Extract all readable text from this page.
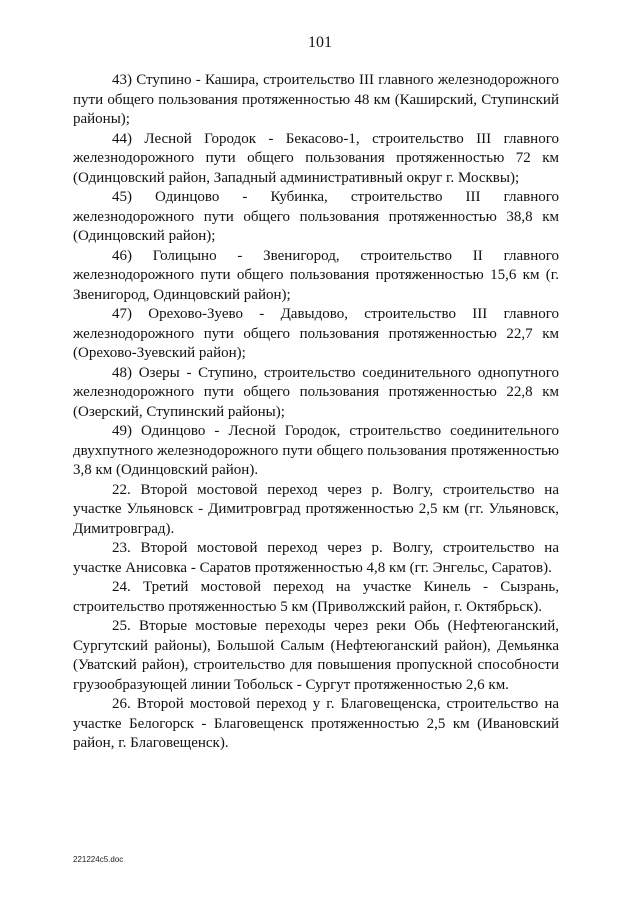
101

43) Ступино - Кашира, строительство III главного железнодорожного пути общего пользования протяженностью 48 км (Каширский, Ступинский районы);

44) Лесной Городок - Бекасово-1, строительство III главного железнодорожного пути общего пользования протяженностью 72 км (Одинцовский район, Западный административный округ г. Москвы);

45) Одинцово - Кубинка, строительство III главного железнодорожного пути общего пользования протяженностью 38,8 км (Одинцовский район);

46) Голицыно - Звенигород, строительство II главного железнодорожного пути общего пользования протяженностью 15,6 км (г. Звенигород, Одинцовский район);

47) Орехово-Зуево - Давыдово, строительство III главного железнодорожного пути общего пользования протяженностью 22,7 км (Орехово-Зуевский район);

48) Озеры - Ступино, строительство соединительного однопутного железнодорожного пути общего пользования протяженностью 22,8 км (Озерский, Ступинский районы);

49) Одинцово - Лесной Городок, строительство соединительного двухпутного железнодорожного пути общего пользования протяженностью 3,8 км (Одинцовский район).

22. Второй мостовой переход через р. Волгу, строительство на участке Ульяновск - Димитровград протяженностью 2,5 км (гг. Ульяновск, Димитровград).

23. Второй мостовой переход через р. Волгу, строительство на участке Анисовка - Саратов протяженностью 4,8 км (гг. Энгельс, Саратов).

24. Третий мостовой переход на участке Кинель - Сызрань, строительство протяженностью 5 км (Приволжский район, г. Октябрьск).

25. Вторые мостовые переходы через реки Обь (Нефтеюганский, Сургутский районы), Большой Салым (Нефтеюганский район), Демьянка (Уватский район), строительство для повышения пропускной способности грузообразующей линии Тобольск - Сургут протяженностью 2,6 км.

26. Второй мостовой переход у г. Благовещенска, строительство на участке Белогорск - Благовещенск протяженностью 2,5 км (Ивановский район, г. Благовещенск).

221224c5.doc
